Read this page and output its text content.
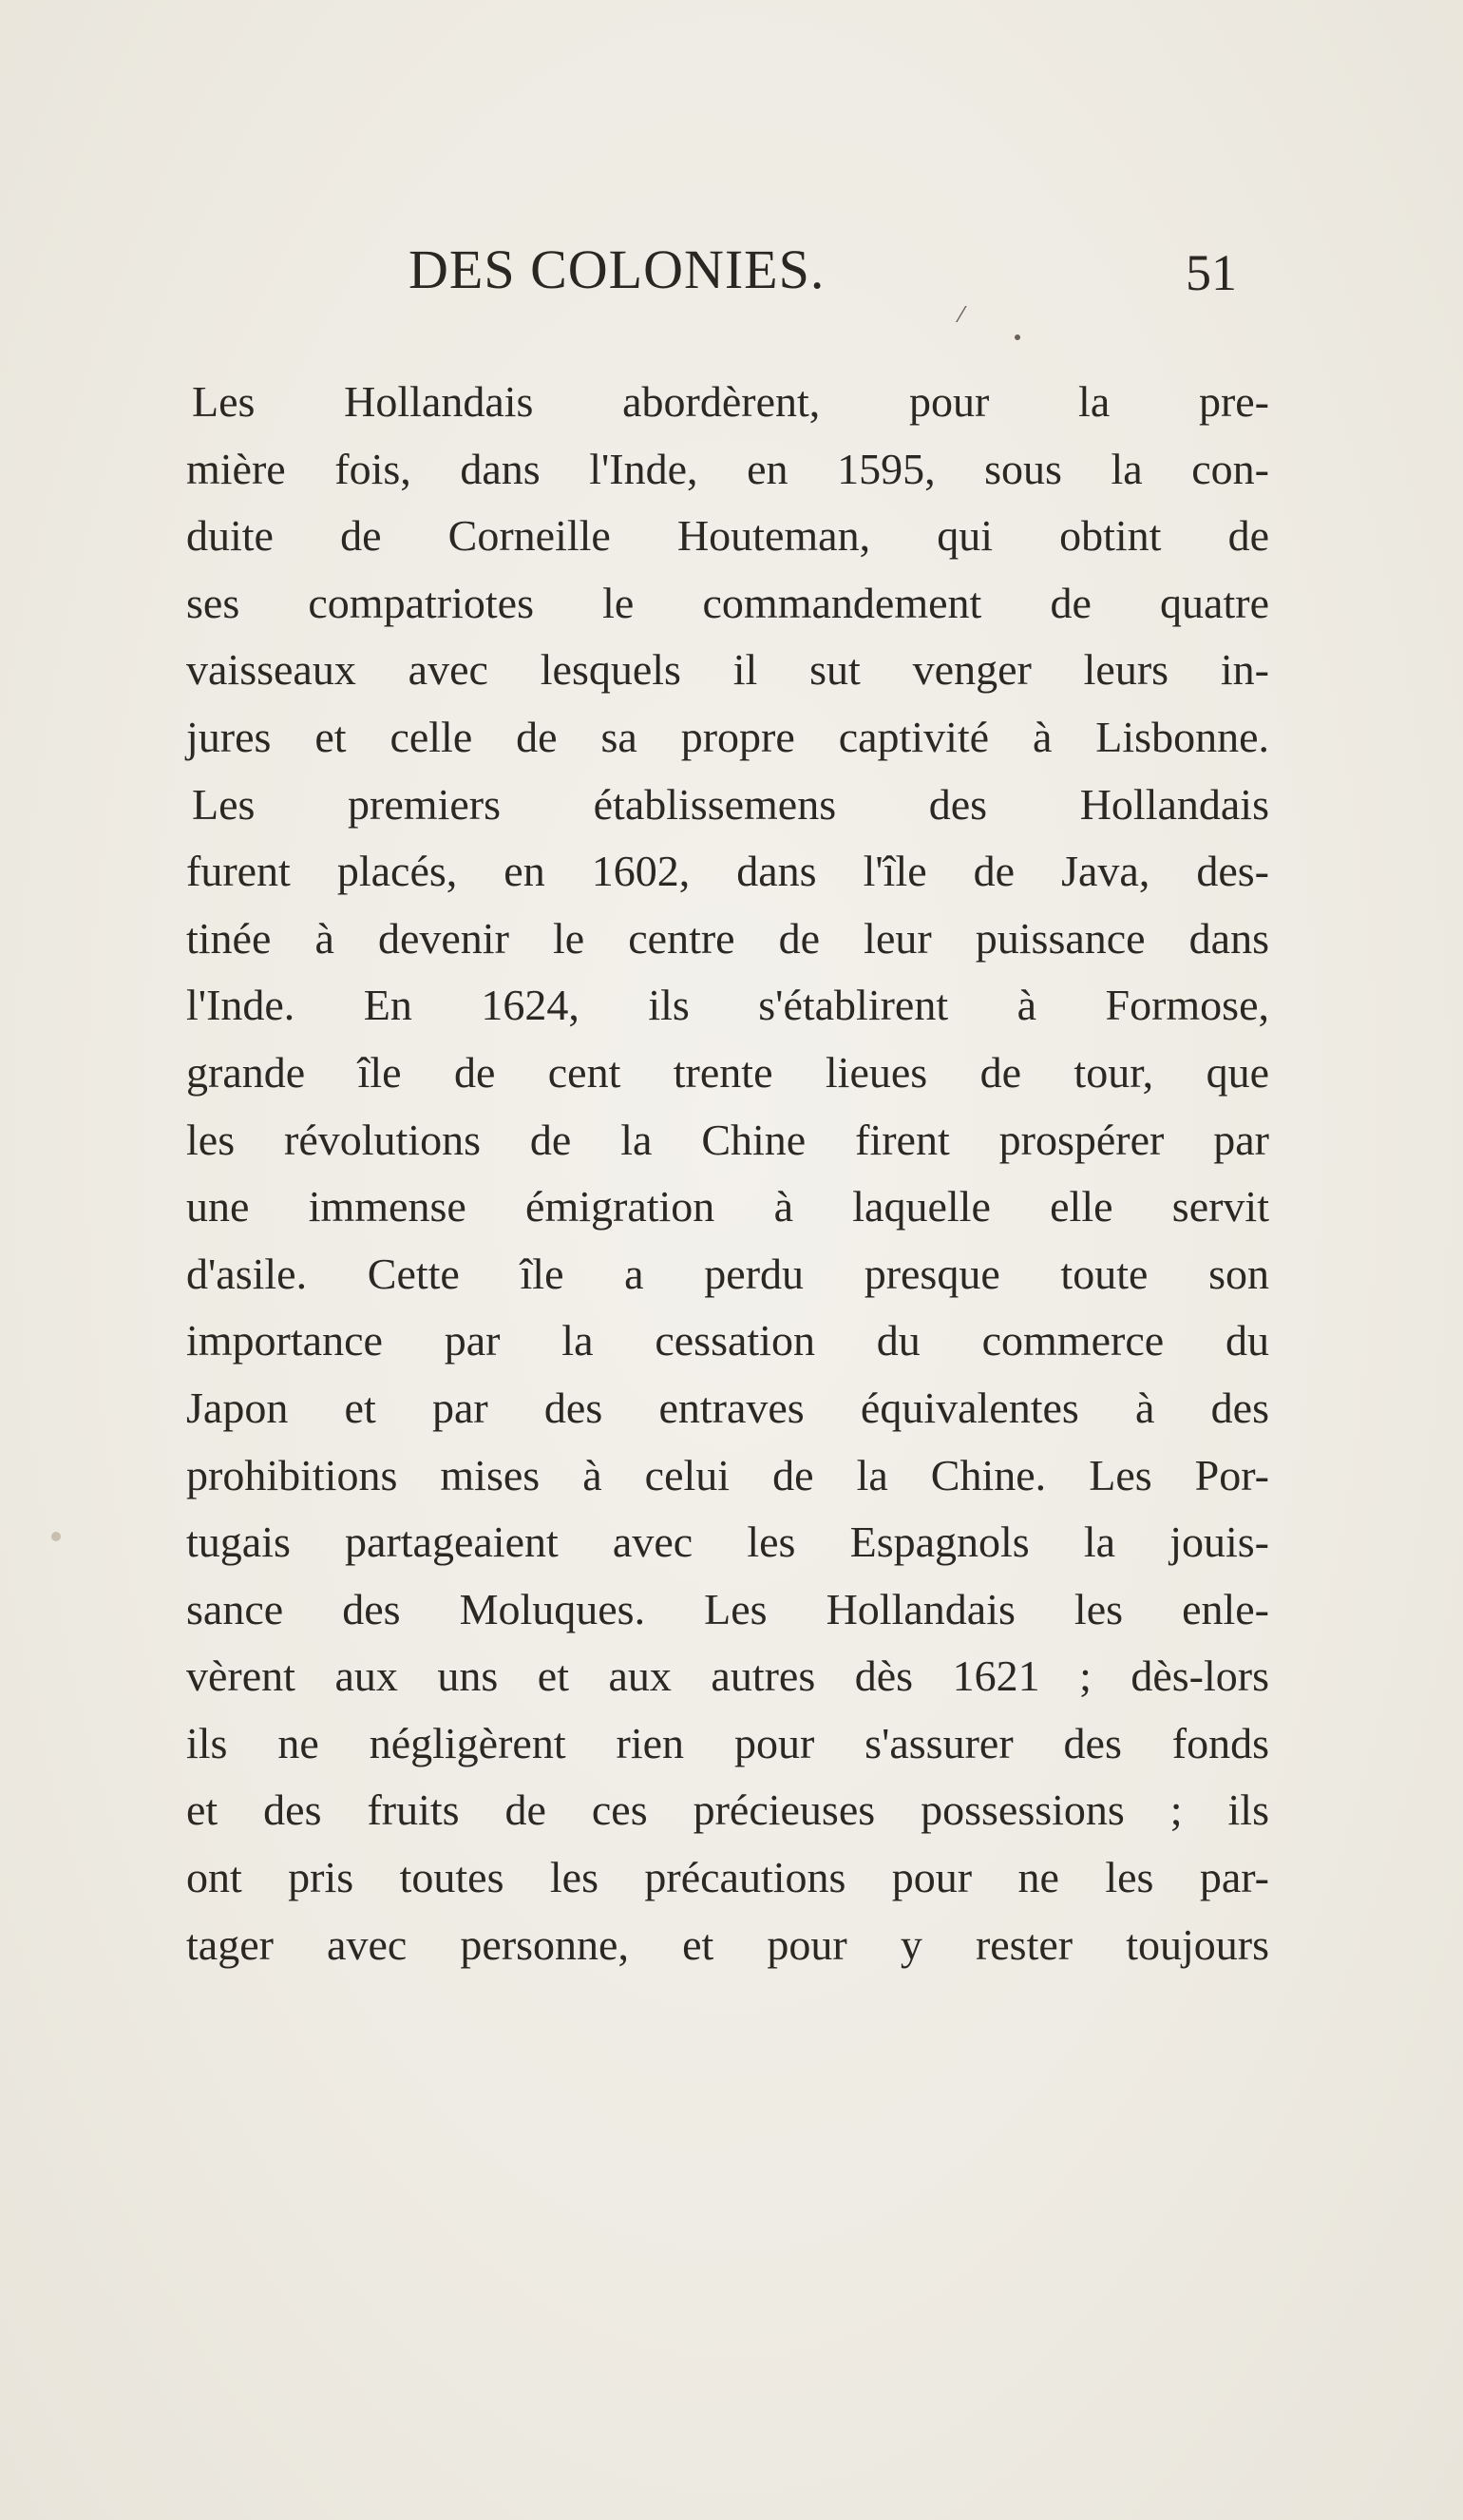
DES COLONIES.	51
⁄
Les Hollandais abordèrent, pour la pre-
mière fois, dans l'Inde, en 1595, sous la con-
duite de Corneille Houteman, qui obtint de
ses compatriotes le commandement de quatre
vaisseaux avec lesquels il sut venger leurs in-
jures et celle de sa propre captivité à Lisbonne.
Les premiers établissemens des Hollandais
furent placés, en 1602, dans l'île de Java, des-
tinée à devenir le centre de leur puissance dans
l'Inde. En 1624, ils s'établirent à Formose,
grande île de cent trente lieues de tour, que
les révolutions de la Chine firent prospérer par
une immense émigration à laquelle elle servit
d'asile. Cette île a perdu presque toute son
importance par la cessation du commerce du
Japon et par des entraves équivalentes à des
prohibitions mises à celui de la Chine. Les Por-
tugais partageaient avec les Espagnols la jouis-
sance des Moluques. Les Hollandais les enle-
vèrent aux uns et aux autres dès 1621 ; dès-lors
ils ne négligèrent rien pour s'assurer des fonds
et des fruits de ces précieuses possessions ; ils
ont pris toutes les précautions pour ne les par-
tager avec personne, et pour y rester toujours
